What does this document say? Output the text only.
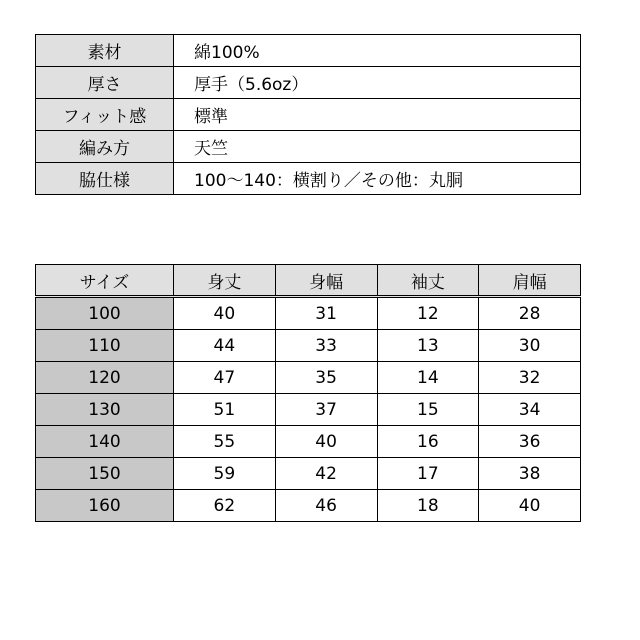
素材	綿100%
厚さ	厚手（5.6oz）
フィット感	標準
編み方	天竺
脇仕様	100～140：横割り／その他：丸胴
サイズ	身丈	身幅	袖丈	肩幅
100	40	31	12	28
110	44	33	13	30
120	47	35	14	32
130	51	37	15	34
140	55	40	16	36
150	59	42	17	38
160	62	46	18	40
